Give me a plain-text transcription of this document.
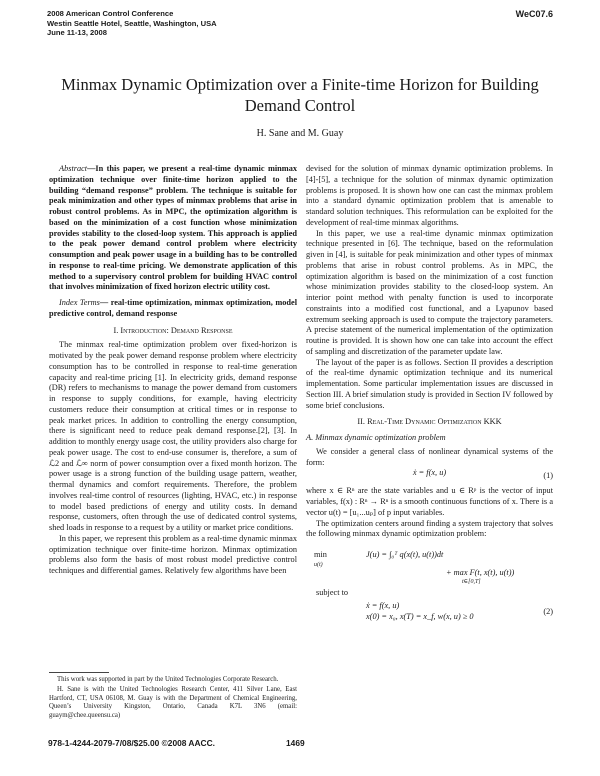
2008 American Control Conference
Westin Seattle Hotel, Seattle, Washington, USA
June 11-13, 2008
WeC07.6
Minmax Dynamic Optimization over a Finite-time Horizon for Building Demand Control
H. Sane and M. Guay

Abstract—In this paper, we present a real-time dynamic minmax optimization technique over finite-time horizon applied to the building “demand response” problem. The technique is suitable for peak minimization and other types of minmax problems that arise in robust control problems. As in MPC, the optimization algorithm is based on the minimization of a cost function whose minimization provides stability to the closed-loop system. This approach is applied to the peak power demand control problem where electricity consumption and peak power usage in a building has to be controlled in response to real-time pricing. We demonstrate application of this method to a supervisory control problem for building HVAC control that involves minimization of fixed horizon electric utility cost.

Index Terms— real-time optimization, minmax optimization, model predictive control, demand response

I. Introduction: Demand Response

The minmax real-time optimization problem over fixed-horizon is motivated by the peak power demand response problem where electricity consumption has to be controlled in response to real-time generation capacity and real-time pricing [1]. In electricity grids, demand response (DR) refers to mechanisms to manage the power demand from customers in response to supply conditions, for example, having electricity customers reduce their consumption at critical times or in response to peak market prices. In addition to controlling the energy consumption, there is significant need to reduce peak demand response.[2], [3]. In addition to monthly energy usage cost, the utility providers also charge for peak power usage. The cost to end-use consumer is, therefore, a sum of ℒ2 and ℒ∞ norm of power consumption over a fixed month horizon. The power usage is a strong function of the building usage pattern, weather, thermal dynamics and comfort requirements. Therefore, the problem involves real-time control of resources (lighting, HVAC, etc.) in response to model based predictions of energy and utility costs. In demand response, customers, often through the use of dedicated control systems, shed loads in response to a request by a utility or market price conditions.

In this paper, we represent this problem as a real-time dynamic minmax optimization technique over finite-time horizon. Minmax optimization problems also form the basis of most robust model predictive control techniques and differential games. Relatively few algorithms have been

This work was supported in part by the United Technologies Corporate Research.

H. Sane is with the United Technologies Research Center, 411 Silver Lane, East Hartford, CT, USA 06108, M. Guay is with the Department of Chemical Engineering, Queen’s University Kingston, Ontario, Canada K7L 3N6 (email: guaym@chee.queensu.ca)

devised for the solution of minmax dynamic optimization problems. In [4]-[5], a technique for the solution of minmax dynamic optimization problems is proposed. It is shown how one can cast the minmax problem into a standard dynamic optimization problem that is amenable to standard solution techniques. This reformulation can be exploited for the development of real-time minmax algorithms.

In this paper, we use a real-time dynamic minmax optimization technique presented in [6]. The technique, based on the reformulation given in [4], is suitable for peak minimization and other types of minmax problems that arise in robust control problems. As in MPC, the optimization algorithm is based on the minimization of a cost function whose minimization provides stability to the closed-loop system. An interior point method with penalty function is used to incorporate constraints into a modified cost functional, and a Lyapunov based extremum seeking approach is used to compute the trajectory parameters. A precise statement of the numerical implementation of the optimization routine is provided. It is shown how one can take into account the effect of sampling and discretization of the parameter update law.

The layout of the paper is as follows. Section II provides a description of the real-time dynamic optimization technique and its numerical implementation. Some particular implementation issues are discussed in Section III. A brief simulation study is provided in Section IV followed by some brief conclusions.

II. Real-Time Dynamic Optimization KKK
A. Minmax dynamic optimization problem

We consider a general class of nonlinear dynamical systems of the form:

ẋ = f(x, u)	(1)

where x ∈ Rⁿ are the state variables and u ∈ Rᵖ is the vector of input variables, f(x) : Rⁿ → Rⁿ is a smooth continuous functions of x. There is a vector u(t) = [u₁...uₚ] of p input variables.

The optimization centers around finding a system trajectory that solves the following minmax dynamic optimization problem:

min
u(t)
J(u) = ∫₀ᵀ q(x(t), u(t))dt
+ max F(t, x(t), u(t))
t∈[0,T]
subject to
ẋ = f(x, u)
x(0) = x₀, x(T) = x_f, w(x, u) ≥ 0
(2)
978-1-4244-2079-7/08/$25.00 ©2008 AACC.	1469
